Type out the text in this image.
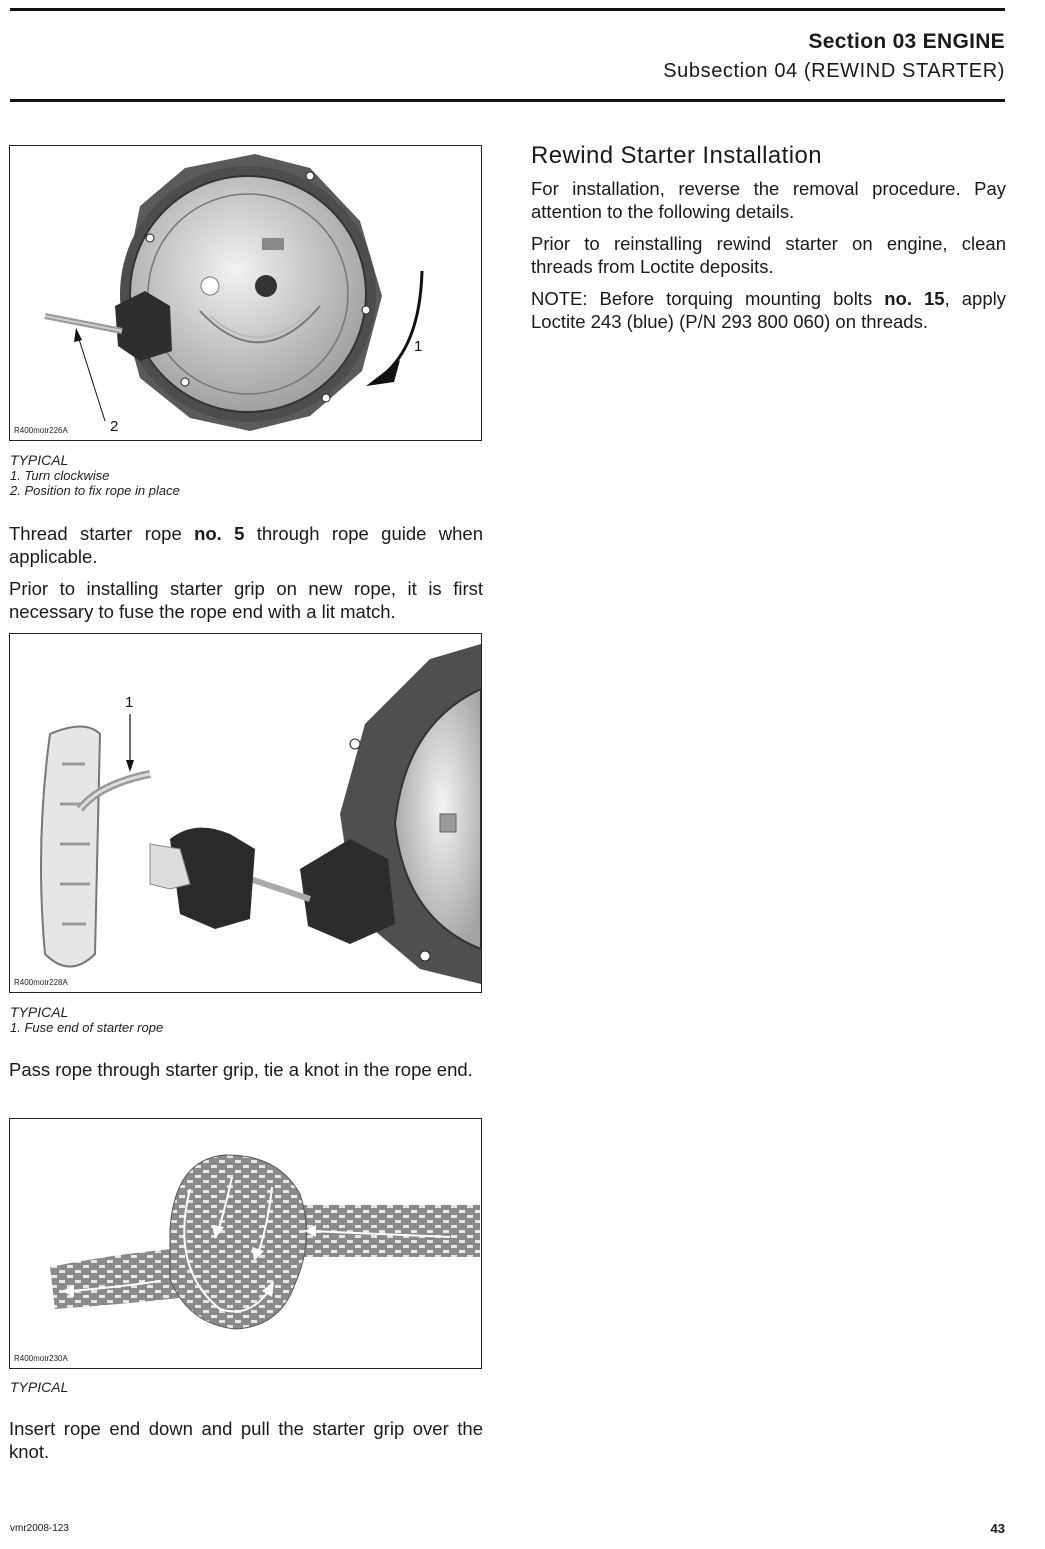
Section 03 ENGINE
Subsection 04 (REWIND STARTER)
R400motr226A
1
2
TYPICAL
1. Turn clockwise
2. Position to fix rope in place
Thread starter rope no. 5 through rope guide when applicable.
Prior to installing starter grip on new rope, it is first necessary to fuse the rope end with a lit match.
R400motr228A
1
TYPICAL
1. Fuse end of starter rope
Pass rope through starter grip, tie a knot in the rope end.
R400motr230A
TYPICAL
Insert rope end down and pull the starter grip over the knot.
Rewind Starter Installation
For installation, reverse the removal procedure. Pay attention to the following details.
Prior to reinstalling rewind starter on engine, clean threads from Loctite deposits.
NOTE: Before torquing mounting bolts no. 15, apply Loctite 243 (blue) (P/N 293 800 060) on threads.
vmr2008-123	43
